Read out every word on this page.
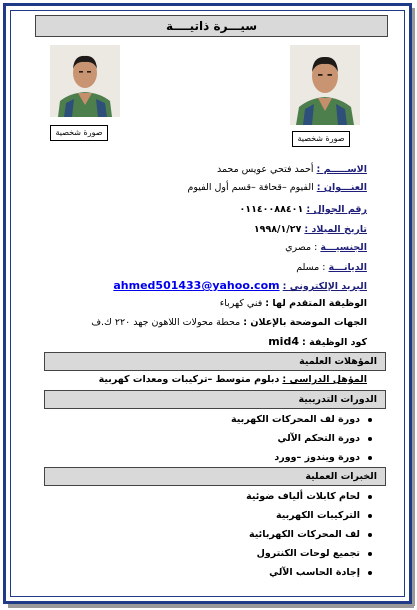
سيـــرة ذاتيــــة
صورة شخصية
صورة شخصية
الاســـــم : أحمد فتحي عويس محمد
العنـــوان : الفيوم –قحافة –قسم أول الفيوم
رقم الجوال : ٠١١٤٠٠٨٨٤٠١
تاريخ الميلاد : ١٩٩٨/١/٢٧
الجنسيـــة : مصري
الديانـــة : مسلم
البريد الإلكتروني : ahmed501433@yahoo.com
الوظيفة المتقدم لها : فني كهرباء
الجهات الموضحة بالإعلان : محطة محولات اللاهون جهد ٢٢٠ ك.ف
كود الوظيفة : mid4
المؤهلات العلمية
المؤهل الدراسي : دبلوم متوسط –تركيبات ومعدات كهربية
الدورات التدريبية
دورة لف المحركات الكهربية
دورة التحكم الآلي
دورة ويندوز –وورد
الخبرات العملية
لحام كابلات ألياف ضوئية
التركيبات الكهربية
لف المحركات الكهربائية
تجميع لوحات الكنترول
إجادة الحاسب الآلي
